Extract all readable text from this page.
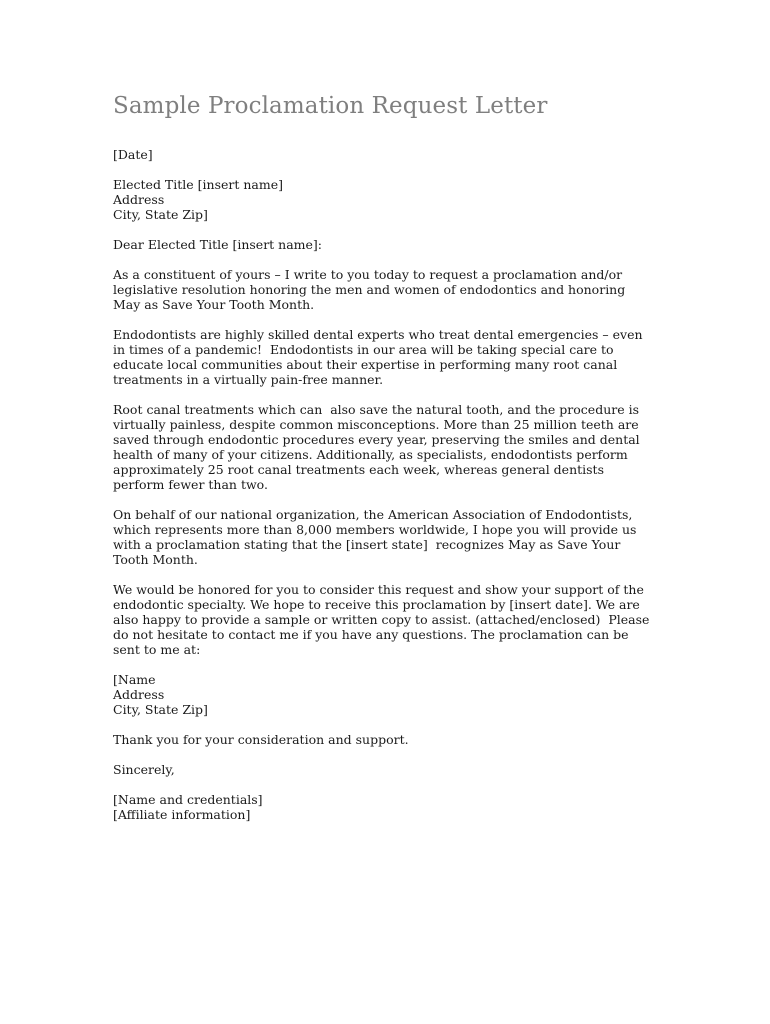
Sample Proclamation Request Letter

[Date]

Elected Title [insert name]
Address
City, State Zip]

Dear Elected Title [insert name]:

As a constituent of yours – I write to you today to request a proclamation and/or
legislative resolution honoring the men and women of endodontics and honoring
May as Save Your Tooth Month.

Endodontists are highly skilled dental experts who treat dental emergencies – even
in times of a pandemic!  Endodontists in our area will be taking special care to
educate local communities about their expertise in performing many root canal
treatments in a virtually pain-free manner.

Root canal treatments which can  also save the natural tooth, and the procedure is
virtually painless, despite common misconceptions. More than 25 million teeth are
saved through endodontic procedures every year, preserving the smiles and dental
health of many of your citizens. Additionally, as specialists, endodontists perform
approximately 25 root canal treatments each week, whereas general dentists
perform fewer than two.

On behalf of our national organization, the American Association of Endodontists,
which represents more than 8,000 members worldwide, I hope you will provide us
with a proclamation stating that the [insert state]  recognizes May as Save Your
Tooth Month.

We would be honored for you to consider this request and show your support of the
endodontic specialty. We hope to receive this proclamation by [insert date]. We are
also happy to provide a sample or written copy to assist. (attached/enclosed)  Please
do not hesitate to contact me if you have any questions. The proclamation can be
sent to me at:

[Name
Address
City, State Zip]

Thank you for your consideration and support.

Sincerely,

[Name and credentials]
[Affiliate information]
